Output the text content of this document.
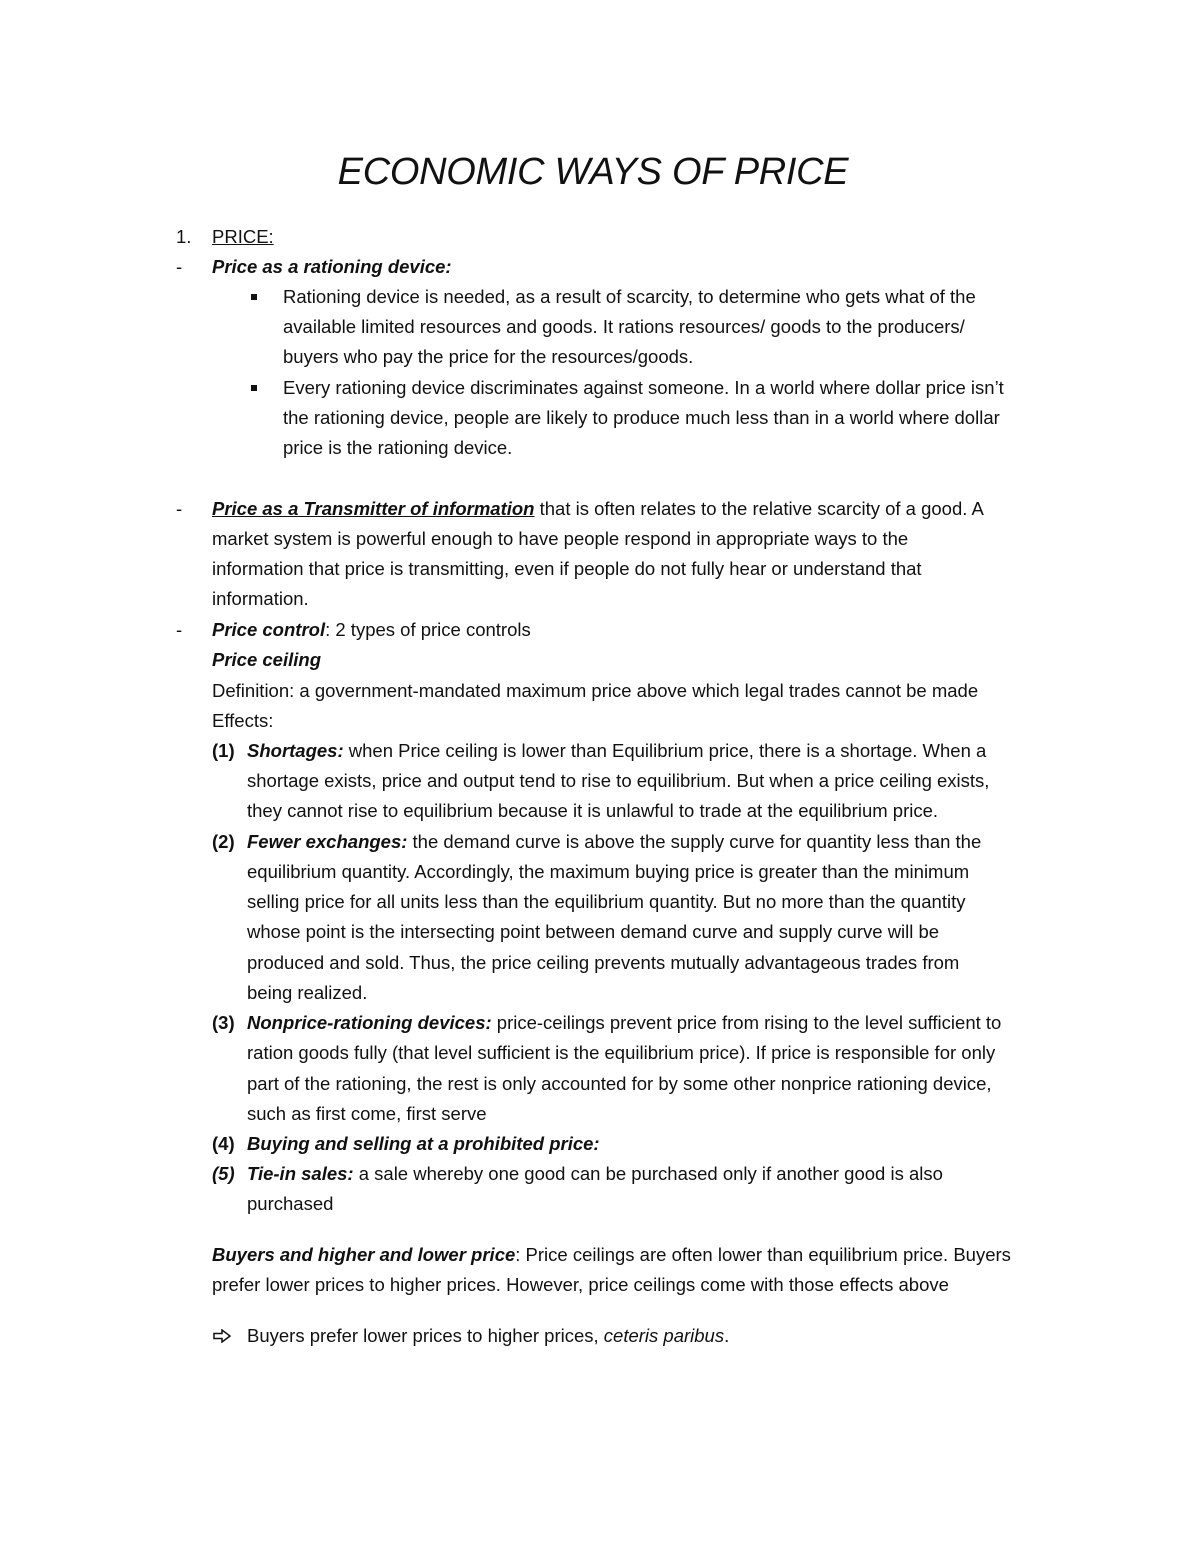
ECONOMIC WAYS OF PRICE
1. PRICE:
- Price as a rationing device:
Rationing device is needed, as a result of scarcity, to determine who gets what of the
available limited resources and goods. It rations resources/ goods to the producers/
buyers who pay the price for the resources/goods.
Every rationing device discriminates against someone. In a world where dollar price isn’t
the rationing device, people are likely to produce much less than in a world where dollar
price is the rationing device.
- Price as a Transmitter of information that is often relates to the relative scarcity of a good. A
market system is powerful enough to have people respond in appropriate ways to the
information that price is transmitting, even if people do not fully hear or understand that
information.
- Price control: 2 types of price controls
Price ceiling
Definition: a government-mandated maximum price above which legal trades cannot be made
Effects:
(1) Shortages: when Price ceiling is lower than Equilibrium price, there is a shortage. When a
shortage exists, price and output tend to rise to equilibrium. But when a price ceiling exists,
they cannot rise to equilibrium because it is unlawful to trade at the equilibrium price.
(2) Fewer exchanges: the demand curve is above the supply curve for quantity less than the
equilibrium quantity. Accordingly, the maximum buying price is greater than the minimum
selling price for all units less than the equilibrium quantity. But no more than the quantity
whose point is the intersecting point between demand curve and supply curve will be
produced and sold. Thus, the price ceiling prevents mutually advantageous trades from
being realized.
(3) Nonprice-rationing devices: price-ceilings prevent price from rising to the level sufficient to
ration goods fully (that level sufficient is the equilibrium price). If price is responsible for only
part of the rationing, the rest is only accounted for by some other nonprice rationing device,
such as first come, first serve
(4) Buying and selling at a prohibited price:
(5) Tie-in sales: a sale whereby one good can be purchased only if another good is also
purchased
Buyers and higher and lower price: Price ceilings are often lower than equilibrium price. Buyers
prefer lower prices to higher prices. However, price ceilings come with those effects above
Buyers prefer lower prices to higher prices, ceteris paribus.
